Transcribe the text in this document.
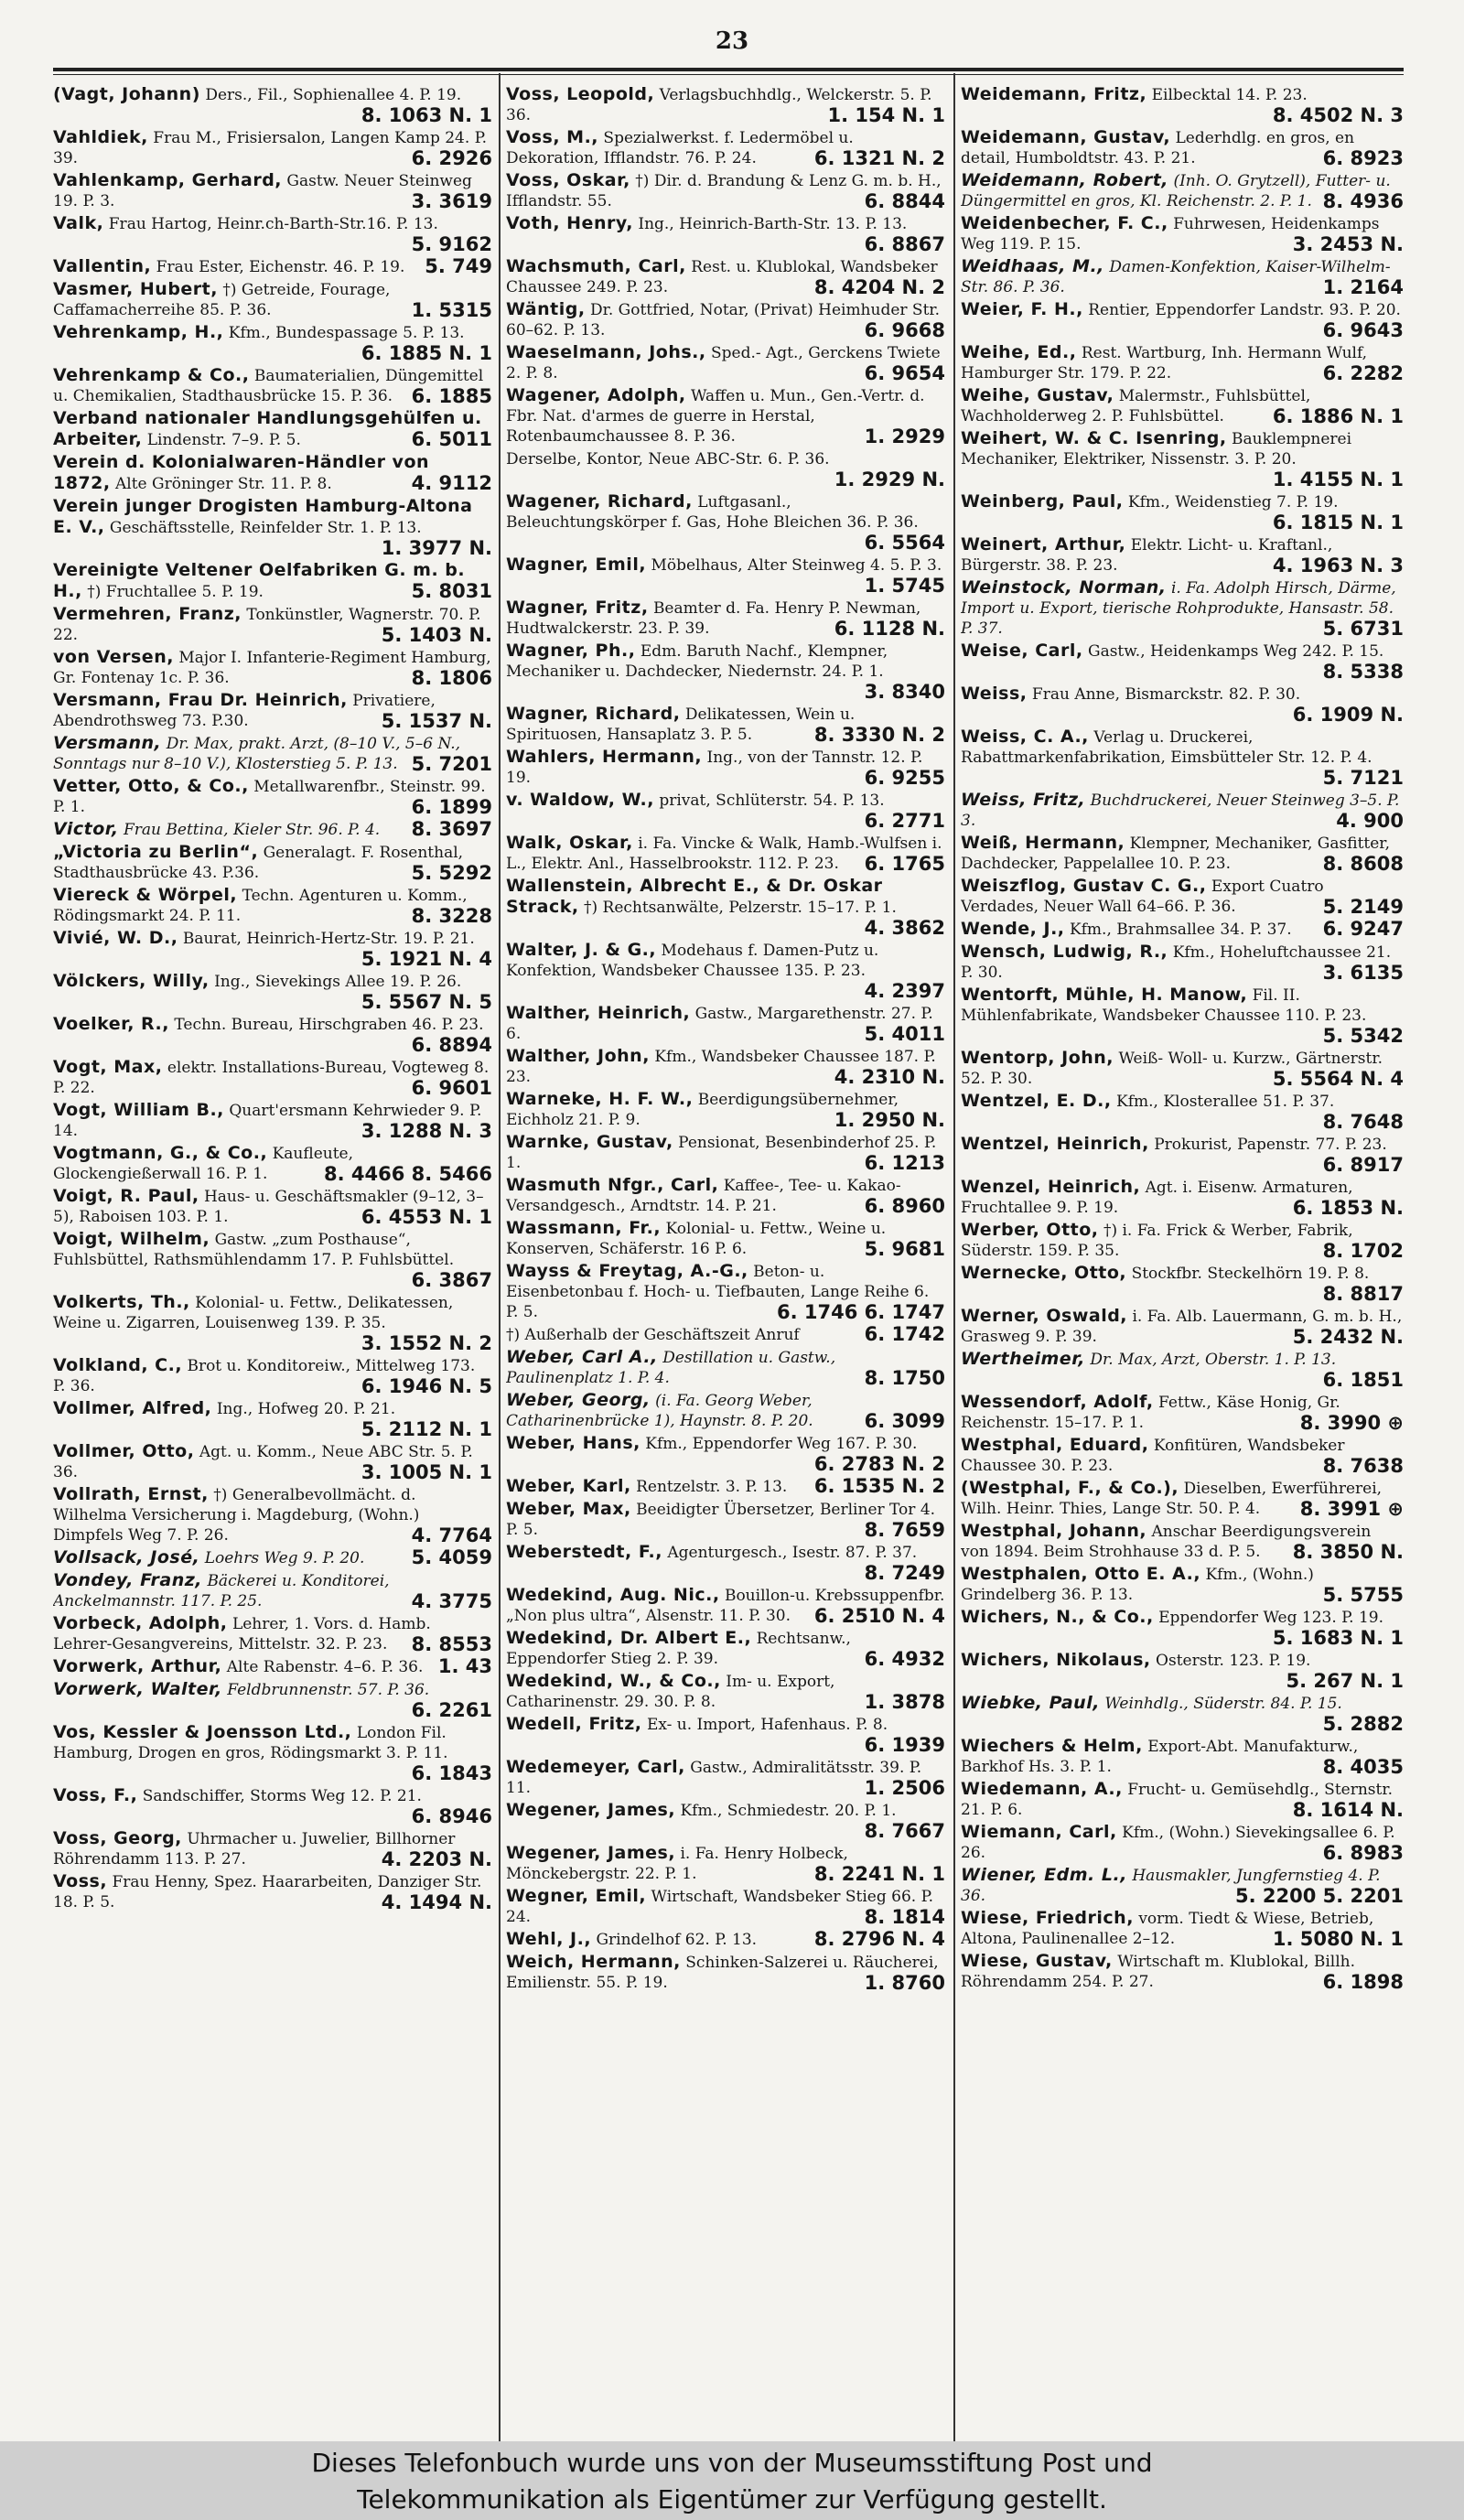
23
(Vagt, Johann) Ders., Fil., Sophienallee 4. P. 19.
8. 1063 N. 1
Vahldiek, Frau M., Frisiersalon, Langen Kamp 24. P. 39.	6. 2926
Vahlenkamp, Gerhard, Gastw. Neuer Steinweg 19. P. 3.	3. 3619
Valk, Frau Hartog, Heinr.ch-Barth-Str.16. P. 13.
5. 9162
Vallentin, Frau Ester, Eichenstr. 46. P. 19. 5. 749
Vasmer, Hubert, †) Getreide, Fourage, Caffamacherreihe 85. P. 36.	1. 5315
Vehrenkamp, H., Kfm., Bundespassage 5. P. 13.
6. 1885 N. 1
Vehrenkamp & Co., Baumaterialien, Düngemittel u. Chemikalien, Stadthausbrücke 15. P. 36. 6. 1885
Verband nationaler Handlungsgehülfen u. Arbeiter, Lindenstr. 7–9. P. 5.	6. 5011
Verein d. Kolonialwaren-Händler von 1872, Alte Gröninger Str. 11. P. 8.	4. 9112
Verein junger Drogisten Hamburg-Altona E. V., Geschäftsstelle, Reinfelder Str. 1. P. 13.
1. 3977 N.
Vereinigte Veltener Oelfabriken G. m. b. H., †) Fruchtallee 5. P. 19.	5. 8031
Vermehren, Franz, Tonkünstler, Wagnerstr. 70. P. 22.	5. 1403 N.
von Versen, Major I. Infanterie-Regiment Hamburg, Gr. Fontenay 1c. P. 36.	8. 1806
Versmann, Frau Dr. Heinrich, Privatiere, Abendrothsweg 73. P.30.	5. 1537 N.
Versmann, Dr. Max, prakt. Arzt, (8–10 V., 5–6 N., Sonntags nur 8–10 V.), Klosterstieg 5. P. 13. 5. 7201
Vetter, Otto, & Co., Metallwarenfbr., Steinstr. 99. P. 1.	6. 1899
Victor, Frau Bettina, Kieler Str. 96. P. 4. 8. 3697
„Victoria zu Berlin“, Generalagt. F. Rosenthal, Stadthausbrücke 43. P.36.	5. 5292
Viereck & Wörpel, Techn. Agenturen u. Komm., Rödingsmarkt 24. P. 11.	8. 3228
Vivié, W. D., Baurat, Heinrich-Hertz-Str. 19. P. 21.
5. 1921 N. 4
Völckers, Willy, Ing., Sievekings Allee 19. P. 26.
5. 5567 N. 5
Voelker, R., Techn. Bureau, Hirschgraben 46. P. 23.
6. 8894
Vogt, Max, elektr. Installations-Bureau, Vogteweg 8. P. 22.	6. 9601
Vogt, William B., Quart'ersmann Kehrwieder 9. P. 14.	3. 1288 N. 3
Vogtmann, G., & Co., Kaufleute, Glockengießerwall 16. P. 1.	8. 4466 8. 5466
Voigt, R. Paul, Haus- u. Geschäftsmakler (9–12, 3–5), Raboisen 103. P. 1.	6. 4553 N. 1
Voigt, Wilhelm, Gastw. „zum Posthause“, Fuhlsbüttel, Rathsmühlendamm 17. P. Fuhlsbüttel.
6. 3867
Volkerts, Th., Kolonial- u. Fettw., Delikatessen, Weine u. Zigarren, Louisenweg 139. P. 35.
3. 1552 N. 2
Volkland, C., Brot u. Konditoreiw., Mittelweg 173. P. 36.	6. 1946 N. 5
Vollmer, Alfred, Ing., Hofweg 20. P. 21.
5. 2112 N. 1
Vollmer, Otto, Agt. u. Komm., Neue ABC Str. 5. P. 36.	3. 1005 N. 1
Vollrath, Ernst, †) Generalbevollmächt. d. Wilhelma Versicherung i. Magdeburg, (Wohn.) Dimpfels Weg 7. P. 26.	4. 7764
Vollsack, José, Loehrs Weg 9. P. 20. 5. 4059
Vondey, Franz, Bäckerei u. Konditorei, Anckelmannstr. 117. P. 25.	4. 3775
Vorbeck, Adolph, Lehrer, 1. Vors. d. Hamb. Lehrer-Gesangvereins, Mittelstr. 32. P. 23. 8. 8553
Vorwerk, Arthur, Alte Rabenstr. 4–6. P. 36. 1. 43
Vorwerk, Walter, Feldbrunnenstr. 57. P. 36.
6. 2261
Vos, Kessler & Joensson Ltd., London Fil. Hamburg, Drogen en gros, Rödingsmarkt 3. P. 11.
6. 1843
Voss, F., Sandschiffer, Storms Weg 12. P. 21.
6. 8946
Voss, Georg, Uhrmacher u. Juwelier, Billhorner Röhrendamm 113. P. 27.	4. 2203 N.
Voss, Frau Henny, Spez. Haararbeiten, Danziger Str. 18. P. 5.	4. 1494 N.
Voss, Leopold, Verlagsbuchhdlg., Welckerstr. 5. P. 36.	1. 154 N. 1
Voss, M., Spezialwerkst. f. Ledermöbel u. Dekoration, Ifflandstr. 76. P. 24.	6. 1321 N. 2
Voss, Oskar, †) Dir. d. Brandung & Lenz G. m. b. H., Ifflandstr. 55.	6. 8844
Voth, Henry, Ing., Heinrich-Barth-Str. 13. P. 13.
6. 8867
Wachsmuth, Carl, Rest. u. Klublokal, Wandsbeker Chaussee 249. P. 23.	8. 4204 N. 2
Wäntig, Dr. Gottfried, Notar, (Privat) Heimhuder Str. 60–62. P. 13.	6. 9668
Waeselmann, Johs., Sped.- Agt., Gerckens Twiete 2. P. 8.	6. 9654
Wagener, Adolph, Waffen u. Mun., Gen.-Vertr. d. Fbr. Nat. d'armes de guerre in Herstal, Rotenbaumchaussee 8. P. 36.	1. 2929
Derselbe, Kontor, Neue ABC-Str. 6. P. 36.
1. 2929 N.
Wagener, Richard, Luftgasanl., Beleuchtungskörper f. Gas, Hohe Bleichen 36. P. 36.
6. 5564
Wagner, Emil, Möbelhaus, Alter Steinweg 4. 5. P. 3.
1. 5745
Wagner, Fritz, Beamter d. Fa. Henry P. Newman, Hudtwalckerstr. 23. P. 39.	6. 1128 N.
Wagner, Ph., Edm. Baruth Nachf., Klempner, Mechaniker u. Dachdecker, Niedernstr. 24. P. 1.
3. 8340
Wagner, Richard, Delikatessen, Wein u. Spirituosen, Hansaplatz 3. P. 5.	8. 3330 N. 2
Wahlers, Hermann, Ing., von der Tannstr. 12. P. 19.	6. 9255
v. Waldow, W., privat, Schlüterstr. 54. P. 13.
6. 2771
Walk, Oskar, i. Fa. Vincke & Walk, Hamb.-Wulfsen i. L., Elektr. Anl., Hasselbrookstr. 112. P. 23. 6. 1765
Wallenstein, Albrecht E., & Dr. Oskar Strack, †) Rechtsanwälte, Pelzerstr. 15–17. P. 1.
4. 3862
Walter, J. & G., Modehaus f. Damen-Putz u. Konfektion, Wandsbeker Chaussee 135. P. 23.
4. 2397
Walther, Heinrich, Gastw., Margarethenstr. 27. P. 6.	5. 4011
Walther, John, Kfm., Wandsbeker Chaussee 187. P. 23.	4. 2310 N.
Warneke, H. F. W., Beerdigungsübernehmer, Eichholz 21. P. 9.	1. 2950 N.
Warnke, Gustav, Pensionat, Besenbinderhof 25. P. 1.	6. 1213
Wasmuth Nfgr., Carl, Kaffee-, Tee- u. Kakao-Versandgesch., Arndtstr. 14. P. 21.	6. 8960
Wassmann, Fr., Kolonial- u. Fettw., Weine u. Konserven, Schäferstr. 16 P. 6.	5. 9681
Wayss & Freytag, A.-G., Beton- u. Eisenbetonbau f. Hoch- u. Tiefbauten, Lange Reihe 6. P. 5.	6. 1746 6. 1747
†) Außerhalb der Geschäftszeit Anruf	6. 1742
Weber, Carl A., Destillation u. Gastw., Paulinenplatz 1. P. 4.	8. 1750
Weber, Georg, (i. Fa. Georg Weber, Catharinenbrücke 1), Haynstr. 8. P. 20.	6. 3099
Weber, Hans, Kfm., Eppendorfer Weg 167. P. 30.
6. 2783 N. 2
Weber, Karl, Rentzelstr. 3. P. 13. 6. 1535 N. 2
Weber, Max, Beeidigter Übersetzer, Berliner Tor 4. P. 5.	8. 7659
Weberstedt, F., Agenturgesch., Isestr. 87. P. 37.
8. 7249
Wedekind, Aug. Nic., Bouillon-u. Krebssuppenfbr. „Non plus ultra“, Alsenstr. 11. P. 30. 6. 2510 N. 4
Wedekind, Dr. Albert E., Rechtsanw., Eppendorfer Stieg 2. P. 39.	6. 4932
Wedekind, W., & Co., Im- u. Export, Catharinenstr. 29. 30. P. 8.	1. 3878
Wedell, Fritz, Ex- u. Import, Hafenhaus. P. 8.
6. 1939
Wedemeyer, Carl, Gastw., Admiralitätsstr. 39. P. 11.	1. 2506
Wegener, James, Kfm., Schmiedestr. 20. P. 1.
8. 7667
Wegener, James, i. Fa. Henry Holbeck, Mönckebergstr. 22. P. 1.	8. 2241 N. 1
Wegner, Emil, Wirtschaft, Wandsbeker Stieg 66. P. 24.	8. 1814
Wehl, J., Grindelhof 62. P. 13.	8. 2796 N. 4
Weich, Hermann, Schinken-Salzerei u. Räucherei, Emilienstr. 55. P. 19.	1. 8760
Weidemann, Fritz, Eilbecktal 14. P. 23.
8. 4502 N. 3
Weidemann, Gustav, Lederhdlg. en gros, en detail, Humboldtstr. 43. P. 21.	6. 8923
Weidemann, Robert, (Inh. O. Grytzell), Futter- u. Düngermittel en gros, Kl. Reichenstr. 2. P. 1. 8. 4936
Weidenbecher, F. C., Fuhrwesen, Heidenkamps Weg 119. P. 15.	3. 2453 N.
Weidhaas, M., Damen-Konfektion, Kaiser-Wilhelm-Str. 86. P. 36.	1. 2164
Weier, F. H., Rentier, Eppendorfer Landstr. 93. P. 20.
6. 9643
Weihe, Ed., Rest. Wartburg, Inh. Hermann Wulf, Hamburger Str. 179. P. 22.	6. 2282
Weihe, Gustav, Malermstr., Fuhlsbüttel, Wachholderweg 2. P. Fuhlsbüttel.	6. 1886 N. 1
Weihert, W. & C. Isenring, Bauklempnerei Mechaniker, Elektriker, Nissenstr. 3. P. 20.
1. 4155 N. 1
Weinberg, Paul, Kfm., Weidenstieg 7. P. 19.
6. 1815 N. 1
Weinert, Arthur, Elektr. Licht- u. Kraftanl., Bürgerstr. 38. P. 23.	4. 1963 N. 3
Weinstock, Norman, i. Fa. Adolph Hirsch, Därme, Import u. Export, tierische Rohprodukte, Hansastr. 58. P. 37.	5. 6731
Weise, Carl, Gastw., Heidenkamps Weg 242. P. 15.
8. 5338
Weiss, Frau Anne, Bismarckstr. 82. P. 30.
6. 1909 N.
Weiss, C. A., Verlag u. Druckerei, Rabattmarkenfabrikation, Eimsbütteler Str. 12. P. 4.
5. 7121
Weiss, Fritz, Buchdruckerei, Neuer Steinweg 3–5. P. 3.	4. 900
Weiß, Hermann, Klempner, Mechaniker, Gasfitter, Dachdecker, Pappelallee 10. P. 23.	8. 8608
Weiszflog, Gustav C. G., Export Cuatro Verdades, Neuer Wall 64–66. P. 36.	5. 2149
Wende, J., Kfm., Brahmsallee 34. P. 37. 6. 9247
Wensch, Ludwig, R., Kfm., Hoheluftchaussee 21. P. 30.	3. 6135
Wentorft, Mühle, H. Manow, Fil. II. Mühlenfabrikate, Wandsbeker Chaussee 110. P. 23.
5. 5342
Wentorp, John, Weiß- Woll- u. Kurzw., Gärtnerstr. 52. P. 30.	5. 5564 N. 4
Wentzel, E. D., Kfm., Klosterallee 51. P. 37.
8. 7648
Wentzel, Heinrich, Prokurist, Papenstr. 77. P. 23.
6. 8917
Wenzel, Heinrich, Agt. i. Eisenw. Armaturen, Fruchtallee 9. P. 19.	6. 1853 N.
Werber, Otto, †) i. Fa. Frick & Werber, Fabrik, Süderstr. 159. P. 35.	8. 1702
Wernecke, Otto, Stockfbr. Steckelhörn 19. P. 8.
8. 8817
Werner, Oswald, i. Fa. Alb. Lauermann, G. m. b. H., Grasweg 9. P. 39.	5. 2432 N.
Wertheimer, Dr. Max, Arzt, Oberstr. 1. P. 13.
6. 1851
Wessendorf, Adolf, Fettw., Käse Honig, Gr. Reichenstr. 15–17. P. 1.	8. 3990 ⊕
Westphal, Eduard, Konfitüren, Wandsbeker Chaussee 30. P. 23.	8. 7638
(Westphal, F., & Co.), Dieselben, Ewerführerei, Wilh. Heinr. Thies, Lange Str. 50. P. 4. 8. 3991 ⊕
Westphal, Johann, Anschar Beerdigungsverein von 1894. Beim Strohhause 33 d. P. 5. 8. 3850 N.
Westphalen, Otto E. A., Kfm., (Wohn.) Grindelberg 36. P. 13.	5. 5755
Wichers, N., & Co., Eppendorfer Weg 123. P. 19.
5. 1683 N. 1
Wichers, Nikolaus, Osterstr. 123. P. 19.
5. 267 N. 1
Wiebke, Paul, Weinhdlg., Süderstr. 84. P. 15.
5. 2882
Wiechers & Helm, Export-Abt. Manufakturw., Barkhof Hs. 3. P. 1.	8. 4035
Wiedemann, A., Frucht- u. Gemüsehdlg., Sternstr. 21. P. 6.	8. 1614 N.
Wiemann, Carl, Kfm., (Wohn.) Sievekingsallee 6. P. 26.	6. 8983
Wiener, Edm. L., Hausmakler, Jungfernstieg 4. P. 36.	5. 2200 5. 2201
Wiese, Friedrich, vorm. Tiedt & Wiese, Betrieb, Altona, Paulinenallee 2–12.	1. 5080 N. 1
Wiese, Gustav, Wirtschaft m. Klublokal, Billh. Röhrendamm 254. P. 27.	6. 1898
Dieses Telefonbuch wurde uns von der Museumsstiftung Post und
Telekommunikation als Eigentümer zur Verfügung gestellt.
